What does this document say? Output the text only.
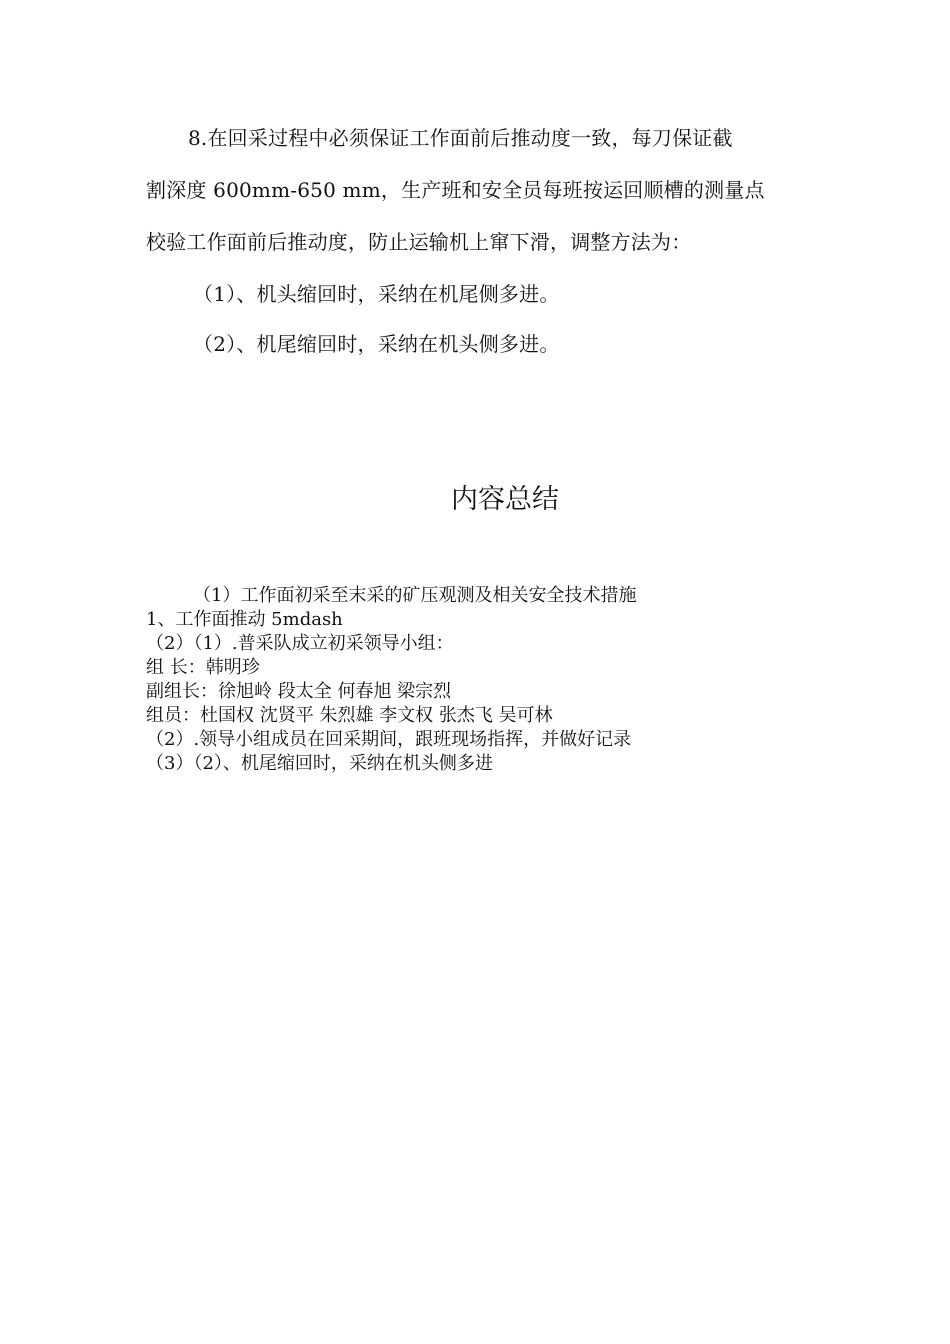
8.在回采过程中必须保证工作面前后推动度一致，每刀保证截
割深度 600mm-650 mm，生产班和安全员每班按运回顺槽的测量点
校验工作面前后推动度，防止运输机上窜下滑，调整方法为：
（1）、机头缩回时，采纳在机尾侧多进。
（2）、机尾缩回时，采纳在机头侧多进。
内容总结
（1）工作面初采至末采的矿压观测及相关安全技术措施
1、工作面推动 5mdash
（2）（1）.普采队成立初采领导小组：
组 长：韩明珍
副组长：徐旭岭 段太全 何春旭 梁宗烈
组员：杜国权 沈贤平 朱烈雄 李文权 张杰飞 吴可林
（2）.领导小组成员在回采期间，跟班现场指挥，并做好记录
（3）（2）、机尾缩回时，采纳在机头侧多进
